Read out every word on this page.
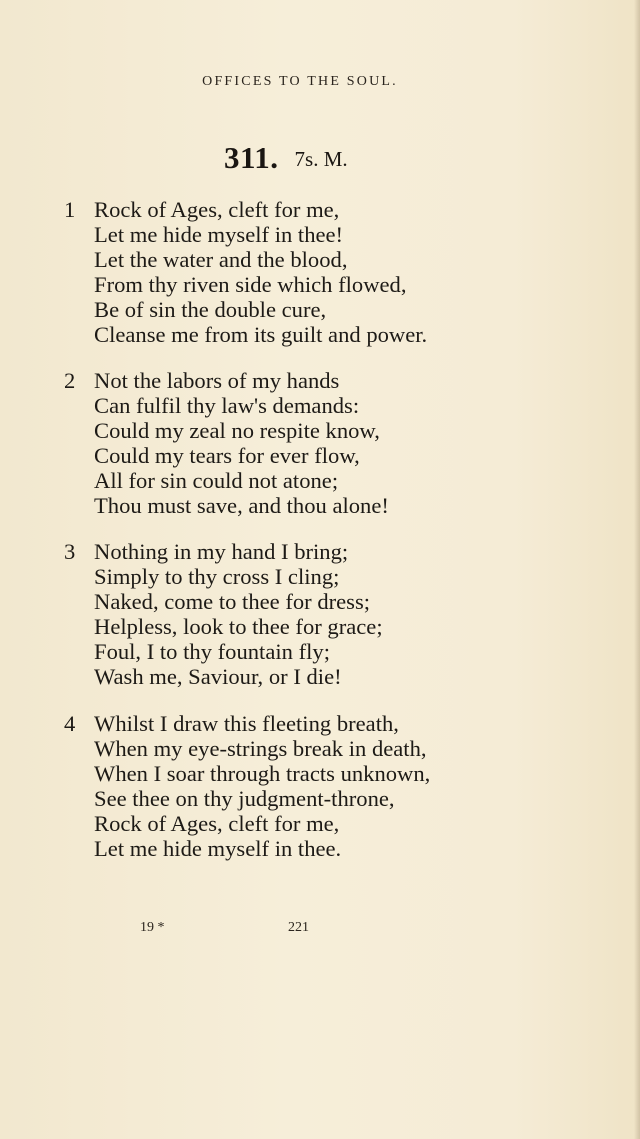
OFFICES TO THE SOUL.
311. 7s. M.
1 Rock of Ages, cleft for me,
Let me hide myself in thee!
Let the water and the blood,
From thy riven side which flowed,
Be of sin the double cure,
Cleanse me from its guilt and power.
2 Not the labors of my hands
Can fulfil thy law's demands:
Could my zeal no respite know,
Could my tears for ever flow,
All for sin could not atone;
Thou must save, and thou alone!
3 Nothing in my hand I bring;
Simply to thy cross I cling;
Naked, come to thee for dress;
Helpless, look to thee for grace;
Foul, I to thy fountain fly;
Wash me, Saviour, or I die!
4 Whilst I draw this fleeting breath,
When my eye-strings break in death,
When I soar through tracts unknown,
See thee on thy judgment-throne,
Rock of Ages, cleft for me,
Let me hide myself in thee.
19 *	221
